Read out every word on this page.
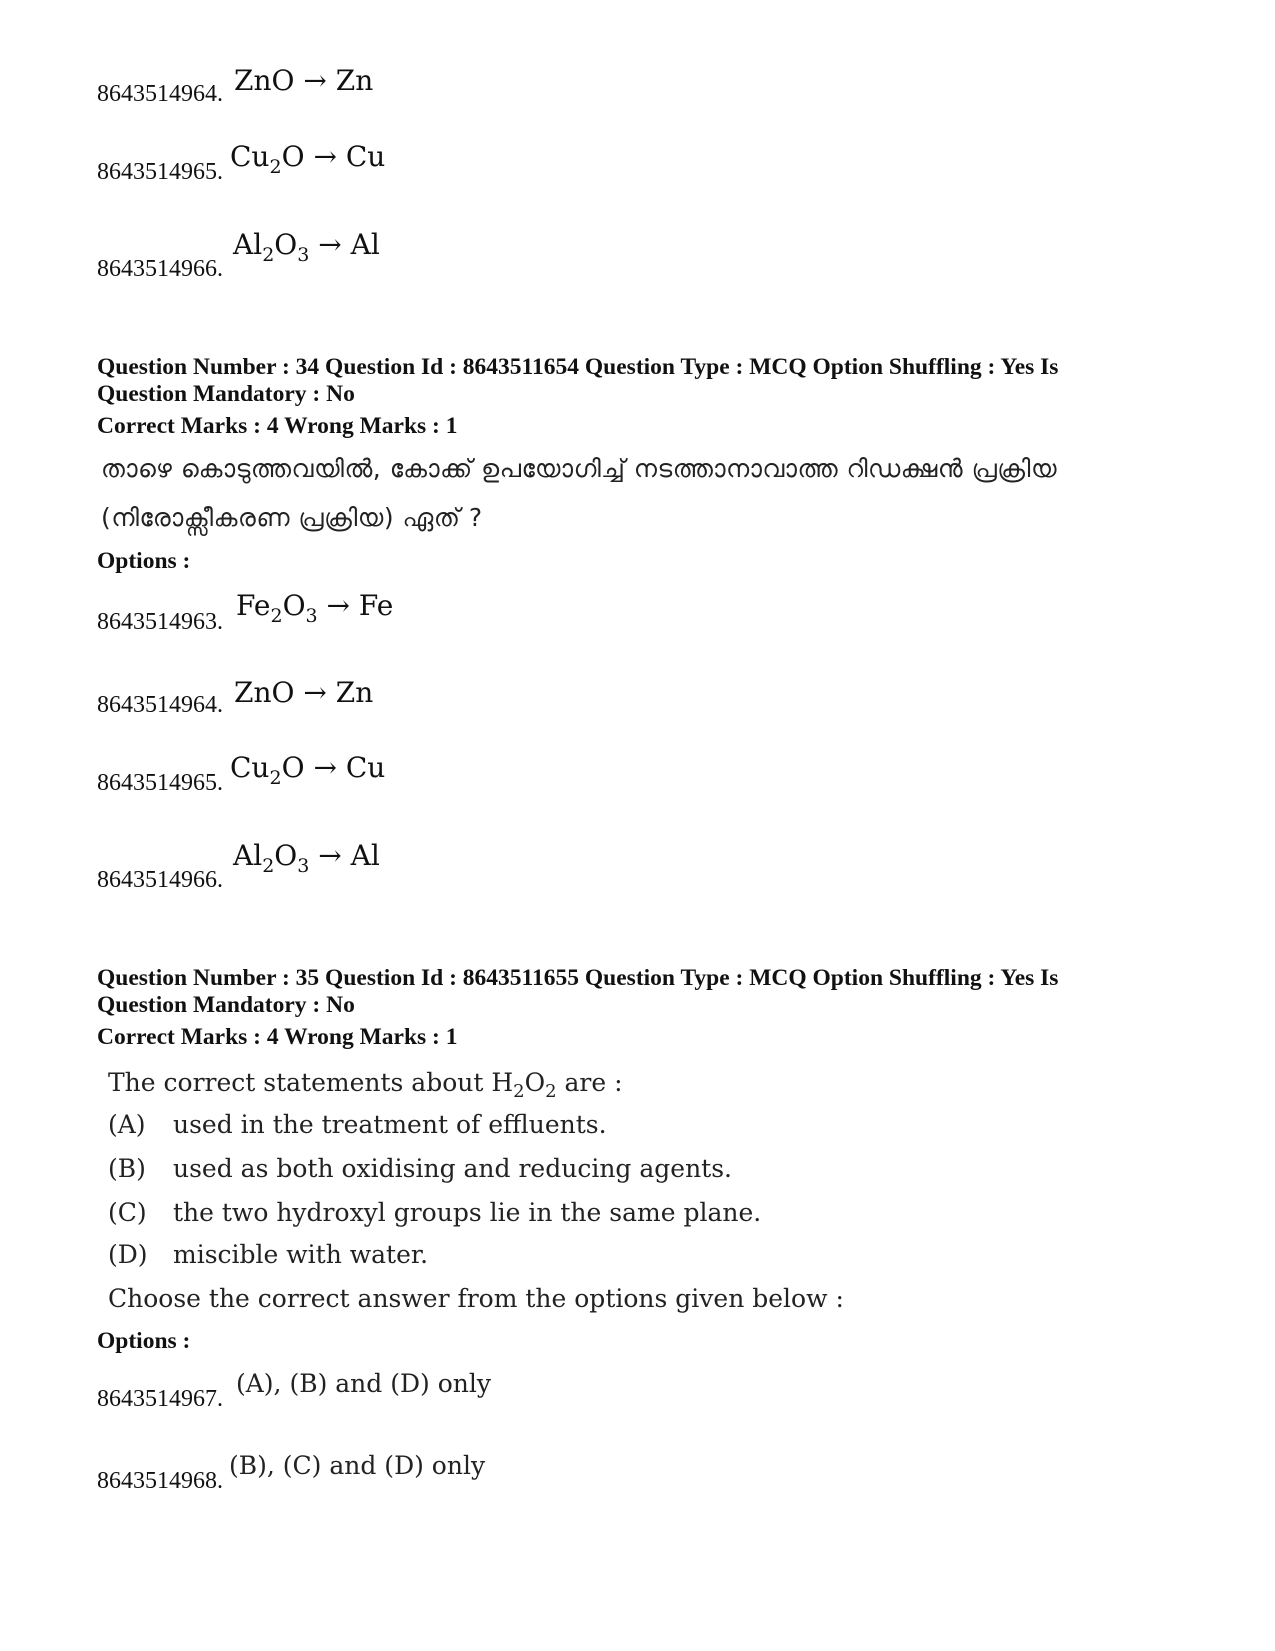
8643514964. ZnO → Zn
8643514965. $Cu_2O \to Cu$
8643514966.
$Al_2O_3 \to Al$
Question Number : 34 Question Id : 8643511654 Question Type : MCQ Option Shuffling : Yes Is
Question Mandatory : No
Correct Marks : 4 Wrong Marks : 1
താഴെ കൊടുത്തവയിൽ, കോക്ക് ഉപയോഗിച്ച് നടത്താനാവാത്ത റിഡക്ഷൻ പ്രക്രിയ
(നിരോക്സീകരണ പ്രക്രിയ) ഏത് ?
Options :
8643514963. $Fe_2O_3 \to Fe$
8643514964. ZnO → Zn
8643514965. $Cu_2O \to Cu$
8643514966.
$Al_2O_3 \to Al$
Question Number : 35 Question Id : 8643511655 Question Type : MCQ Option Shuffling : Yes Is
Question Mandatory : No
Correct Marks : 4 Wrong Marks : 1
The correct statements about $H_2O_2$ are :
(A) used in the treatment of effluents.
(B) used as both oxidising and reducing agents.
(C) the two hydroxyl groups lie in the same plane.
(D) miscible with water.
Choose the correct answer from the options given below :
Options :
8643514967.
(A), (B) and (D) only
8643514968.
(B), (C) and (D) only
